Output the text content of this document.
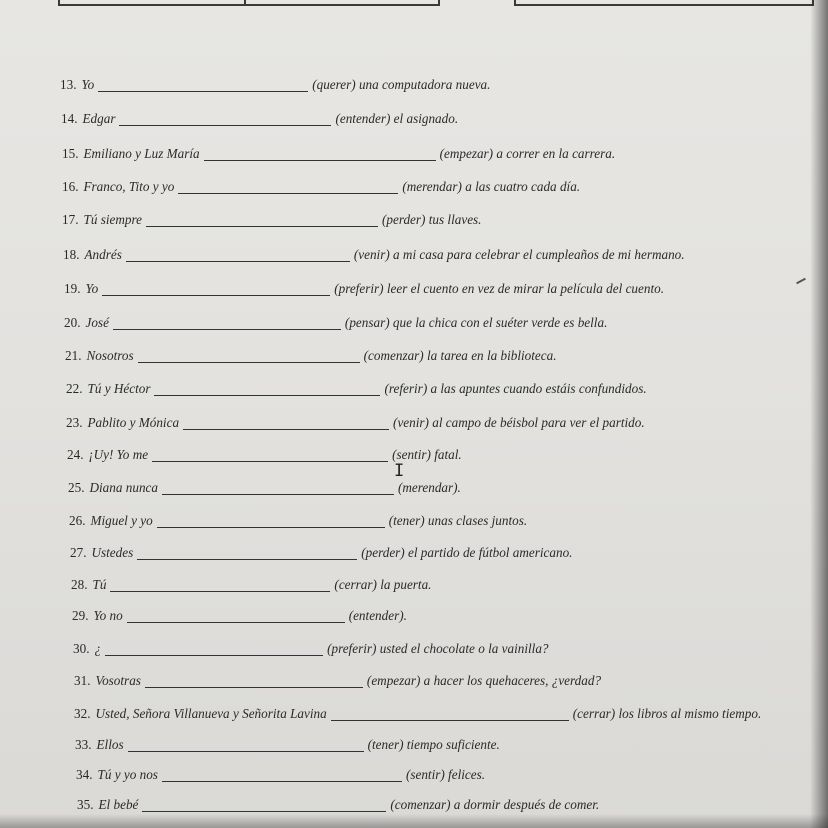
13. Yo	(querer) una computadora nueva.
14. Edgar	(entender) el asignado.
15. Emiliano y Luz María	(empezar) a correr en la carrera.
16. Franco, Tito y yo	(merendar) a las cuatro cada día.
17. Tú siempre	(perder) tus llaves.
18. Andrés	(venir) a mi casa para celebrar el cumpleaños de mi hermano.
19. Yo	(preferir) leer el cuento en vez de mirar la película del cuento.
20. José	(pensar) que la chica con el suéter verde es bella.
21. Nosotros	(comenzar) la tarea en la biblioteca.
22. Tú y Héctor	(referir) a las apuntes cuando estáis confundidos.
23. Pablito y Mónica	(venir) al campo de béisbol para ver el partido.
24. ¡Uy! Yo me	(sentir) fatal.
25. Diana nunca	(merendar).
26. Miguel y yo	(tener) unas clases juntos.
27. Ustedes	(perder) el partido de fútbol americano.
28. Tú	(cerrar) la puerta.
29. Yo no	(entender).
30. ¿	(preferir) usted el chocolate o la vainilla?
31. Vosotras	(empezar) a hacer los quehaceres, ¿verdad?
32. Usted, Señora Villanueva y Señorita Lavina	(cerrar) los libros al mismo tiempo.
33. Ellos	(tener) tiempo suficiente.
34. Tú y yo nos	(sentir) felices.
35. El bebé	(comenzar) a dormir después de comer.
I
